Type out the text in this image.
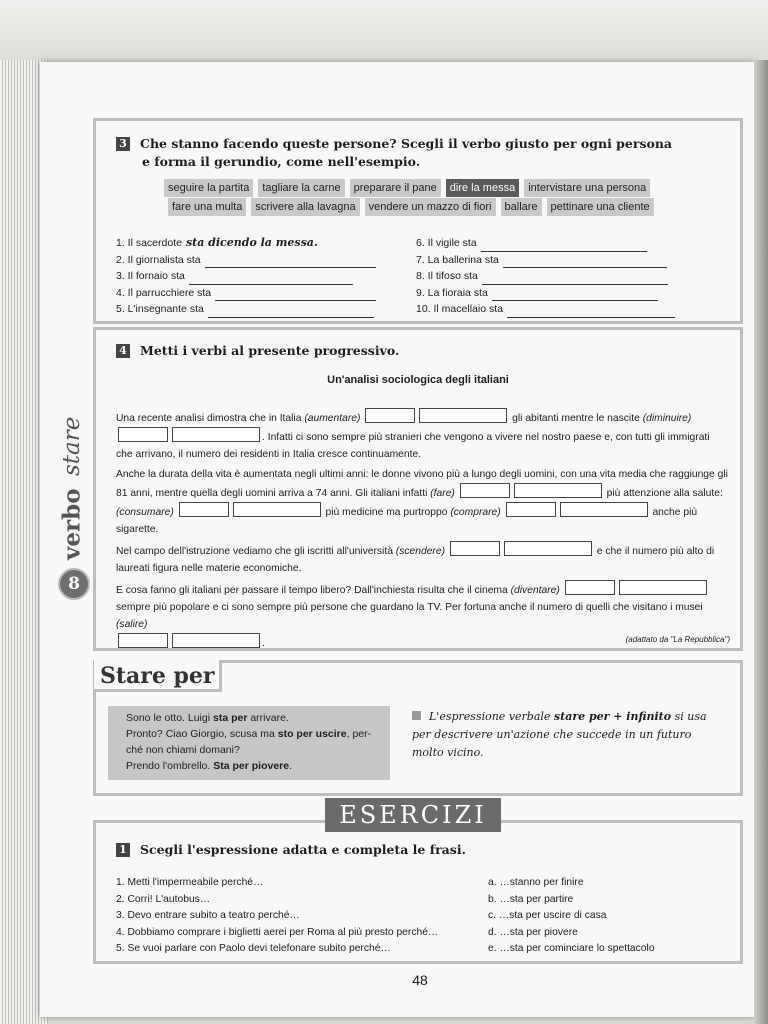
verbo

stare
8
3 Che stanno facendo queste persone? Scegli il verbo giusto per ogni persona
e forma il gerundio, come nell'esempio.
seguire la partita tagliare la carne preparare il pane dire la messa intervistare una persona
fare una multa scrivere alla lavagna vendere un mazzo di fiori ballare pettinare una cliente
1. Il sacerdote sta dicendo la messa.
2. Il giornalista sta
3. Il fornaio sta
4. Il parrucchiere sta
5. L'insegnante sta
6. Il vigile sta
7. La ballerina sta
8. Il tifoso sta
9. La fioraia sta
10. Il macellaio sta
4 Metti i verbi al presente progressivo.
Un'analisi sociologica degli italiani

Una recente analisi dimostra che in Italia (aumentare)	gli abitanti mentre le nascite (diminuire)
. Infatti ci sono sempre più stranieri che vengono a vivere nel nostro paese e, con tutti gli immigrati che arrivano, il numero dei residenti in Italia cresce continuamente.

Anche la durata della vita è aumentata negli ultimi anni: le donne vivono più a lungo degli uomini, con una vita media che raggiunge gli 81 anni, mentre quella degli uomini arriva a 74 anni. Gli italiani infatti (fare)	più attenzione alla salute: (consumare)	più medicine ma purtroppo (comprare)	anche più sigarette.

Nel campo dell'istruzione vediamo che gli iscritti all'università (scendere)	e che il numero più alto di laureati figura nelle materie economiche.

E cosa fanno gli italiani per passare il tempo libero? Dall'inchiesta risulta che il cinema (diventare)  sempre più popolare e ci sono sempre più persone che guardano la TV. Per fortuna anche il numero di quelli che visitano i musei (salire)
.	(adattato da "La Repubblica")
Stare per

Sono le otto. Luigi sta per arrivare.

Pronto? Ciao Giorgio, scusa ma sto per uscire, per-

ché non chiami domani?

Prendo l'ombrello. Sta per piovere.

L'espressione verbale stare per + infinito si usa per descrivere un'azione che succede in un futuro molto vicino.
1 Scegli l'espressione adatta e completa le frasi.
1. Metti l'impermeabile perché…
2. Corri! L'autobus…
3. Devo entrare subito a teatro perché…
4. Dobbiamo comprare i biglietti aerei per Roma al più presto perché…
5. Se vuoi parlare con Paolo devi telefonare subito perché…
a. …stanno per finire
b. …sta per partire
c. …sta per uscire di casa
d. …sta per piovere
e. …sta per cominciare lo spettacolo
ESERCIZI
48
